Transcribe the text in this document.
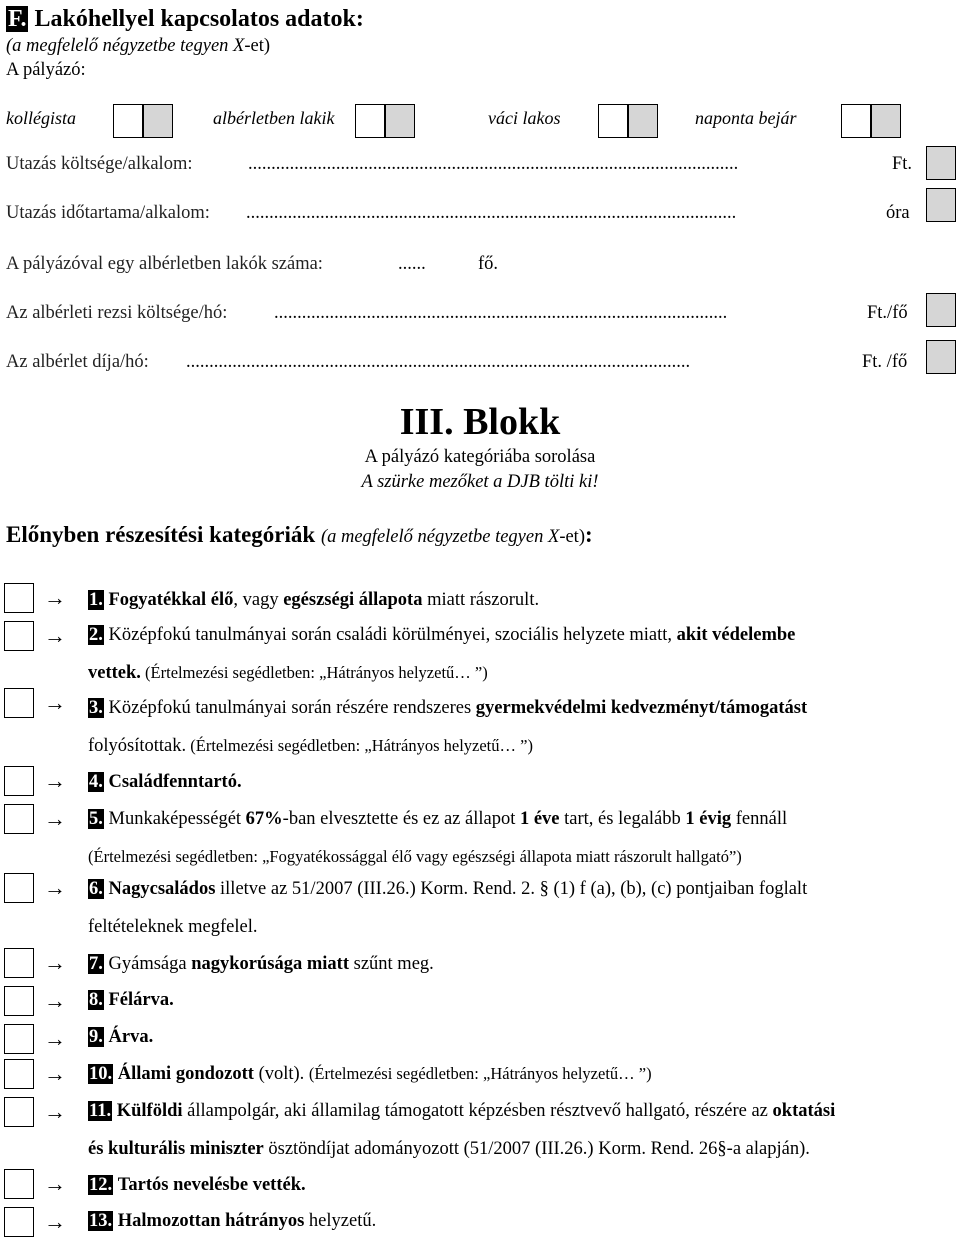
F. Lakóhellyel kapcsolatos adatok:
(a megfelelő négyzetbe tegyen X-et)
A pályázó:
kollégista	albérletben lakik	váci lakos	naponta bejár
Utazás költsége/alkalom:	..........................................................................................................	Ft.
Utazás időtartama/alkalom: ..........................................................................................................	óra
A pályázóval egy albérletben lakók száma:	......	fő.
Az albérleti rezsi költsége/hó:	..................................................................................................	Ft./fő
Az albérlet díja/hó: .............................................................................................................	Ft. /fő
III. Blokk
A pályázó kategóriába sorolása
A szürke mezőket a DJB tölti ki!
Előnyben részesítési kategóriák (a megfelelő négyzetbe tegyen X-et):
→ 1. Fogyatékkal élő, vagy egészségi állapota miatt rászorult.
→ 2. Középfokú tanulmányai során családi körülményei, szociális helyzete miatt, akit védelembe
vettek. (Értelmezési segédletben: „Hátrányos helyzetű… ”)
→ 3. Középfokú tanulmányai során részére rendszeres gyermekvédelmi kedvezményt/támogatást
folyósítottak. (Értelmezési segédletben: „Hátrányos helyzetű… ”)
→ 4. Családfenntartó.
→ 5. Munkaképességét 67%-ban elvesztette és ez az állapot 1 éve tart, és legalább 1 évig fennáll
(Értelmezési segédletben: „Fogyatékossággal élő vagy egészségi állapota miatt rászorult hallgató”)
→ 6. Nagycsaládos illetve az 51/2007 (III.26.) Korm. Rend. 2. § (1) f (a), (b), (c) pontjaiban foglalt
feltételeknek megfelel.
→ 7. Gyámsága nagykorúsága miatt szűnt meg.
→ 8. Félárva.
→ 9. Árva.
→ 10. Állami gondozott (volt). (Értelmezési segédletben: „Hátrányos helyzetű… ”)
→ 11. Külföldi állampolgár, aki államilag támogatott képzésben résztvevő hallgató, részére az oktatási
és kulturális miniszter ösztöndíjat adományozott (51/2007 (III.26.) Korm. Rend. 26§-a alapján).
→ 12. Tartós nevelésbe vették.
→ 13. Halmozottan hátrányos helyzetű.
